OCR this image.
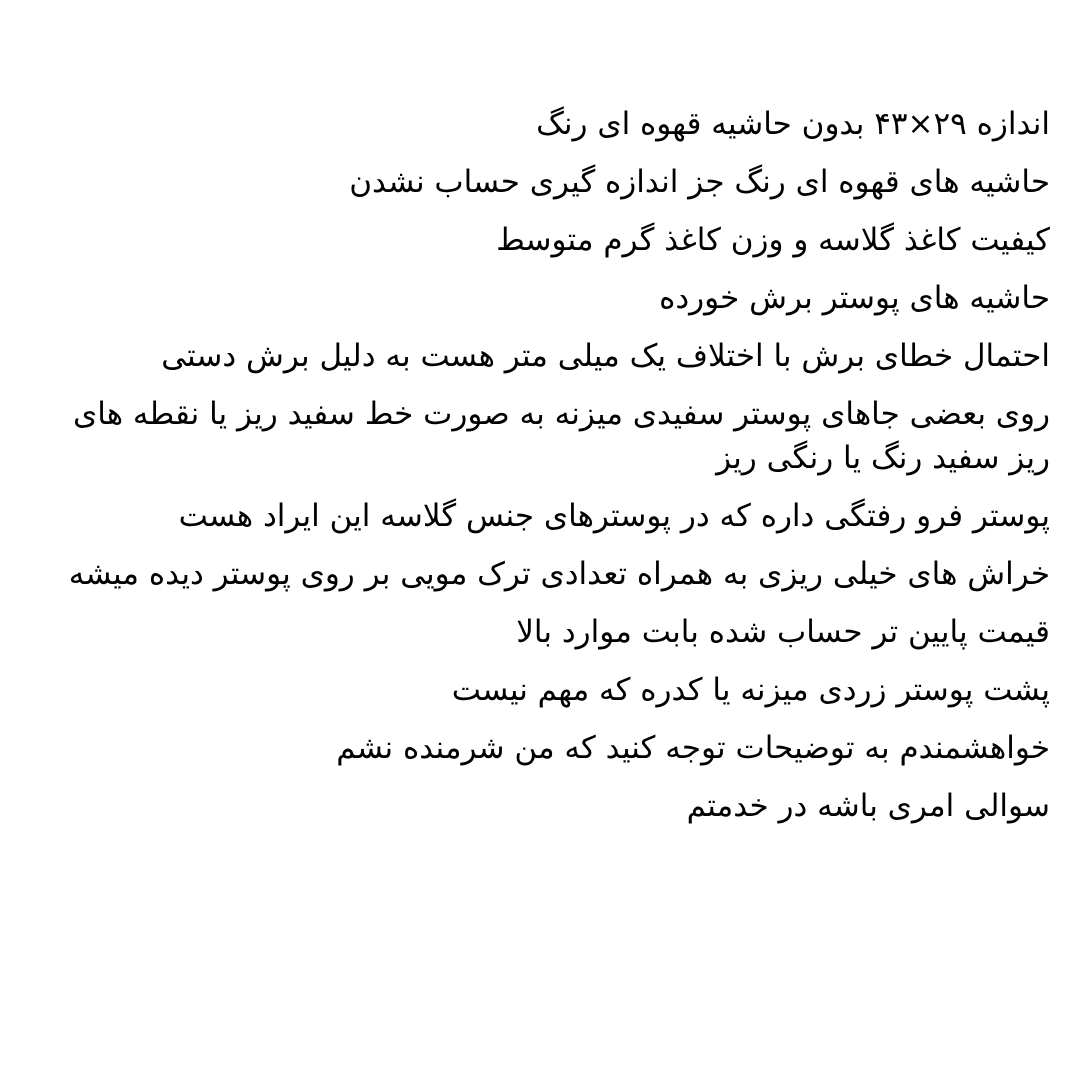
اندازه ۲۹×۴۳ بدون حاشیه قهوه ای رنگ

حاشیه های قهوه ای رنگ جز اندازه گیری حساب نشدن

کیفیت کاغذ گلاسه و وزن کاغذ گرم متوسط

حاشیه های پوستر برش خورده

احتمال خطای برش با اختلاف یک میلی متر هست به دلیل برش دستی

روی بعضی جاهای پوستر سفیدی میزنه به صورت خط سفید ریز یا نقطه های ریز سفید رنگ یا رنگی ریز

پوستر فرو رفتگی داره که در پوسترهای جنس گلاسه این ایراد هست

خراش های خیلی ریزی به همراه تعدادی ترک مویی بر روی پوستر دیده میشه

قیمت پایین تر حساب شده بابت موارد بالا

پشت پوستر زردی میزنه یا کدره که مهم نیست

خواهشمندم به توضیحات توجه کنید که من شرمنده نشم

سوالی امری باشه در خدمتم
